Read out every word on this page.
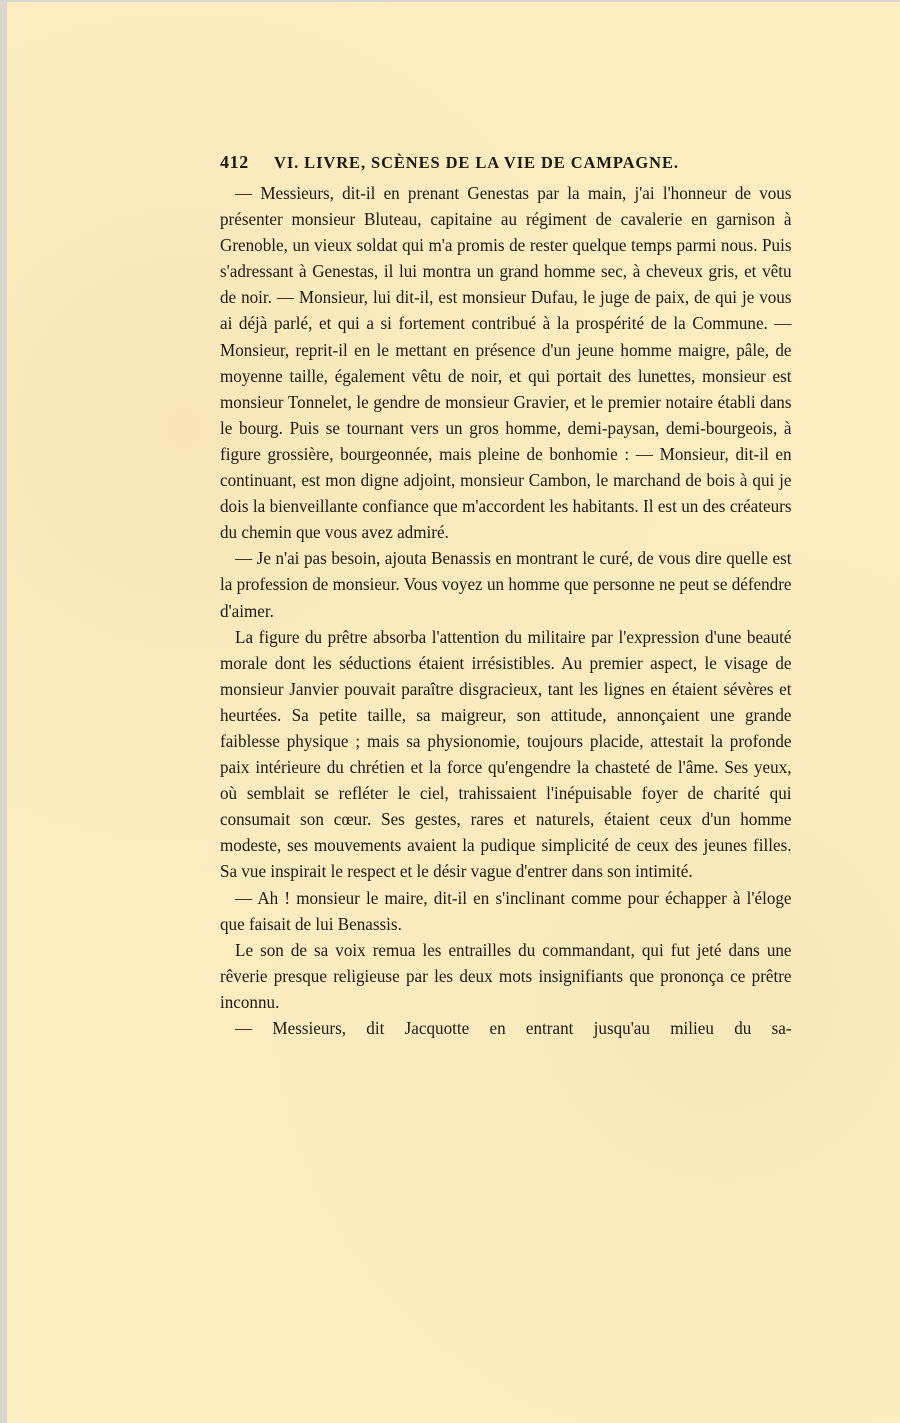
412	VI. LIVRE, SCÈNES DE LA VIE DE CAMPAGNE.

— Messieurs, dit-il en prenant Genestas par la main, j'ai l'honneur de vous présenter monsieur Bluteau, capitaine au régiment de cavalerie en garnison à Grenoble, un vieux soldat qui m'a promis de rester quelque temps parmi nous. Puis s'adressant à Genestas, il lui montra un grand homme sec, à cheveux gris, et vêtu de noir. — Monsieur, lui dit-il, est monsieur Dufau, le juge de paix, de qui je vous ai déjà parlé, et qui a si fortement contribué à la prospérité de la Commune. — Monsieur, reprit-il en le mettant en présence d'un jeune homme maigre, pâle, de moyenne taille, également vêtu de noir, et qui portait des lunettes, monsieur est monsieur Tonnelet, le gendre de monsieur Gravier, et le premier notaire établi dans le bourg. Puis se tournant vers un gros homme, demi-paysan, demi-bourgeois, à figure grossière, bourgeonnée, mais pleine de bonhomie : — Monsieur, dit-il en continuant, est mon digne adjoint, monsieur Cambon, le marchand de bois à qui je dois la bienveillante confiance que m'accordent les habitants. Il est un des créateurs du chemin que vous avez admiré.

— Je n'ai pas besoin, ajouta Benassis en montrant le curé, de vous dire quelle est la profession de monsieur. Vous voyez un homme que personne ne peut se défendre d'aimer.

La figure du prêtre absorba l'attention du militaire par l'expression d'une beauté morale dont les séductions étaient irrésistibles. Au premier aspect, le visage de monsieur Janvier pouvait paraître disgracieux, tant les lignes en étaient sévères et heurtées. Sa petite taille, sa maigreur, son attitude, annonçaient une grande faiblesse physique ; mais sa physionomie, toujours placide, attestait la profonde paix intérieure du chrétien et la force qu'engendre la chasteté de l'âme. Ses yeux, où semblait se refléter le ciel, trahissaient l'inépuisable foyer de charité qui consumait son cœur. Ses gestes, rares et naturels, étaient ceux d'un homme modeste, ses mouvements avaient la pudique simplicité de ceux des jeunes filles. Sa vue inspirait le respect et le désir vague d'entrer dans son intimité.

— Ah ! monsieur le maire, dit-il en s'inclinant comme pour échapper à l'éloge que faisait de lui Benassis.

Le son de sa voix remua les entrailles du commandant, qui fut jeté dans une rêverie presque religieuse par les deux mots insignifiants que prononça ce prêtre inconnu.

— Messieurs, dit Jacquotte en entrant jusqu'au milieu du sa-
